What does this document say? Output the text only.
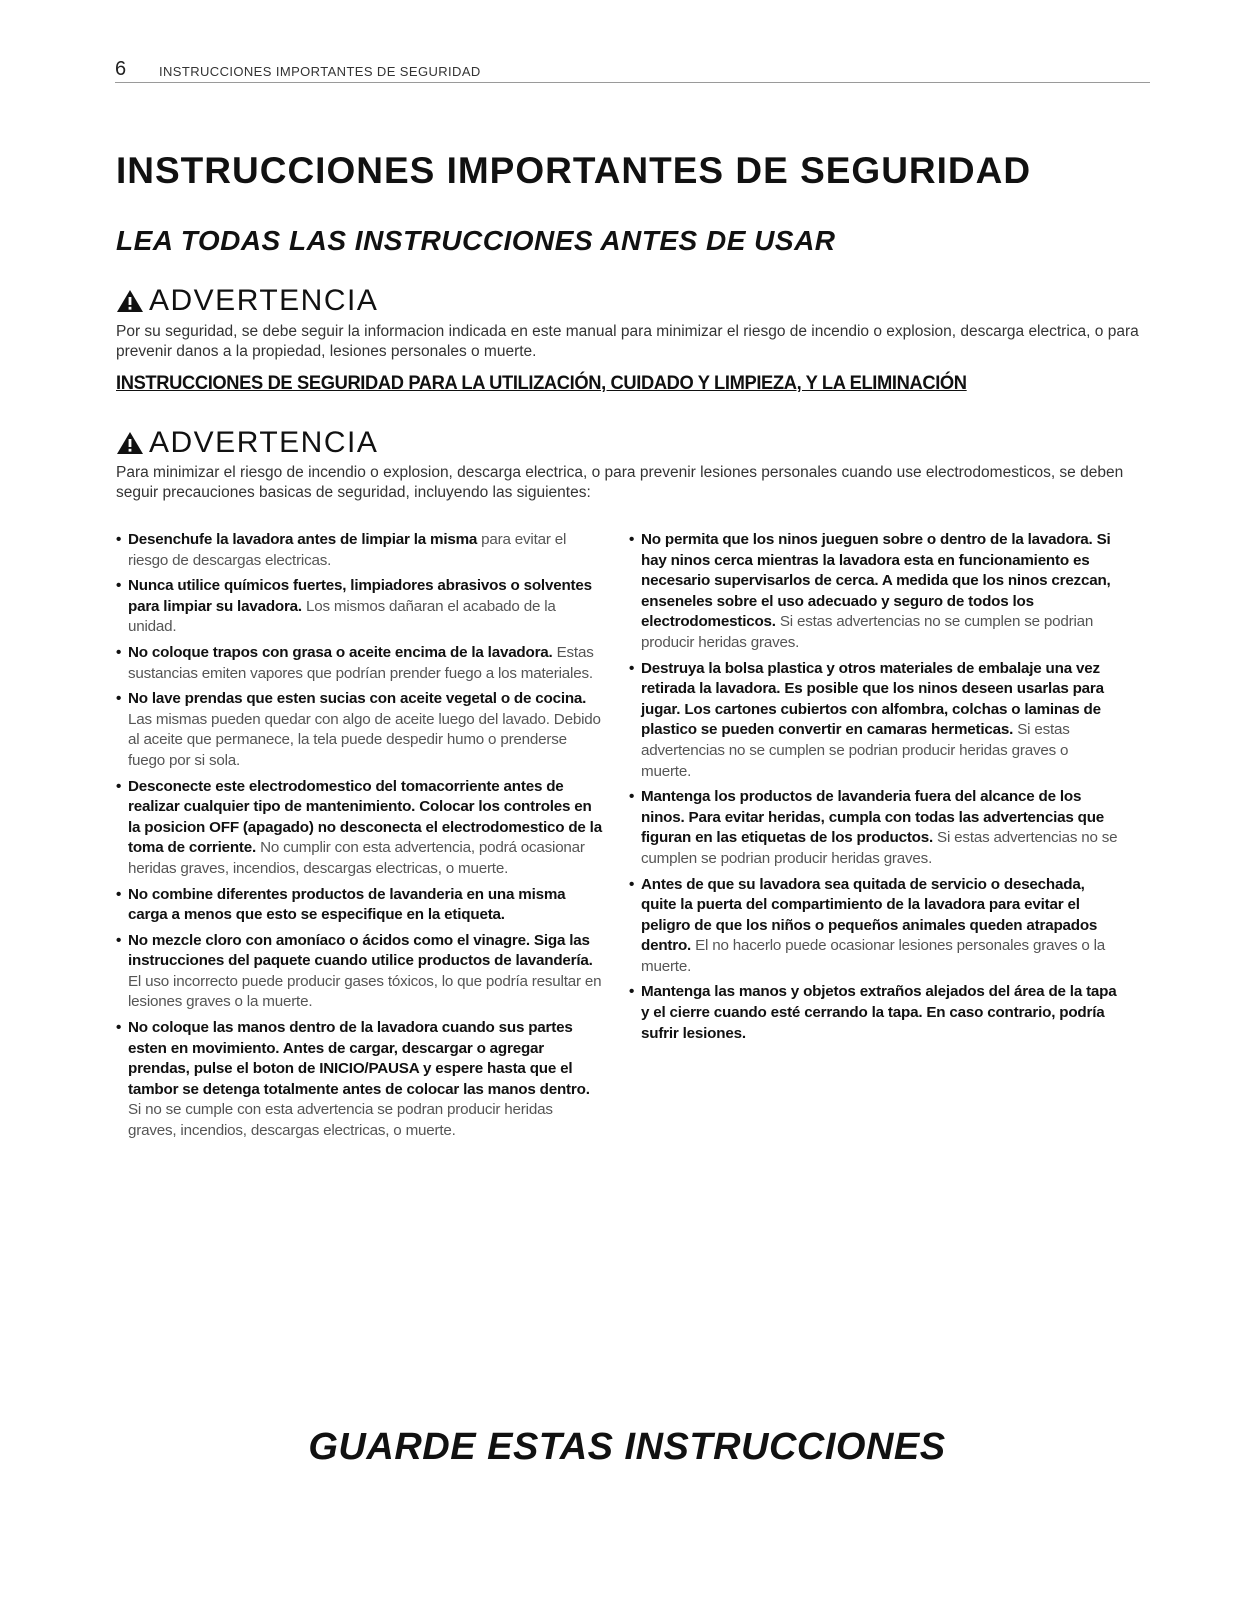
6	INSTRUCCIONES IMPORTANTES DE SEGURIDAD
INSTRUCCIONES IMPORTANTES DE SEGURIDAD
LEA TODAS LAS INSTRUCCIONES ANTES DE USAR
ADVERTENCIA

Por su seguridad, se debe seguir la informacion indicada en este manual para minimizar el riesgo de incendio o explosion, descarga electrica, o para prevenir danos a la propiedad, lesiones personales o muerte.

INSTRUCCIONES DE SEGURIDAD PARA LA UTILIZACIÓN, CUIDADO Y LIMPIEZA, Y LA ELIMINACIÓN
ADVERTENCIA

Para minimizar el riesgo de incendio o explosion, descarga electrica, o para prevenir lesiones personales cuando use electrodomesticos, se deben seguir precauciones basicas de seguridad, incluyendo las siguientes:

• Desenchufe la lavadora antes de limpiar la misma para evitar el riesgo de descargas electricas.
• Nunca utilice químicos fuertes, limpiadores abrasivos o solventes para limpiar su lavadora. Los mismos dañaran el acabado de la unidad.
• No coloque trapos con grasa o aceite encima de la lavadora. Estas sustancias emiten vapores que podrían prender fuego a los materiales.
• No lave prendas que esten sucias con aceite vegetal o de cocina. Las mismas pueden quedar con algo de aceite luego del lavado. Debido al aceite que permanece, la tela puede despedir humo o prenderse fuego por si sola.
• Desconecte este electrodomestico del tomacorriente antes de realizar cualquier tipo de mantenimiento. Colocar los controles en la posicion OFF (apagado) no desconecta el electrodomestico de la toma de corriente. No cumplir con esta advertencia, podrá ocasionar heridas graves, incendios, descargas electricas, o muerte.
• No combine diferentes productos de lavanderia en una misma carga a menos que esto se especifique en la etiqueta.
• No mezcle cloro con amoníaco o ácidos como el vinagre. Siga las instrucciones del paquete cuando utilice productos de lavandería. El uso incorrecto puede producir gases tóxicos, lo que podría resultar en lesiones graves o la muerte.
• No coloque las manos dentro de la lavadora cuando sus partes esten en movimiento. Antes de cargar, descargar o agregar prendas, pulse el boton de INICIO/PAUSA y espere hasta que el tambor se detenga totalmente antes de colocar las manos dentro. Si no se cumple con esta advertencia se podran producir heridas graves, incendios, descargas electricas, o muerte.
• No permita que los ninos jueguen sobre o dentro de la lavadora. Si hay ninos cerca mientras la lavadora esta en funcionamiento es necesario supervisarlos de cerca. A medida que los ninos crezcan, enseneles sobre el uso adecuado y seguro de todos los electrodomesticos. Si estas advertencias no se cumplen se podrian producir heridas graves.
• Destruya la bolsa plastica y otros materiales de embalaje una vez retirada la lavadora. Es posible que los ninos deseen usarlas para jugar. Los cartones cubiertos con alfombra, colchas o laminas de plastico se pueden convertir en camaras hermeticas. Si estas advertencias no se cumplen se podrian producir heridas graves o muerte.
• Mantenga los productos de lavanderia fuera del alcance de los ninos. Para evitar heridas, cumpla con todas las advertencias que figuran en las etiquetas de los productos. Si estas advertencias no se cumplen se podrian producir heridas graves.
• Antes de que su lavadora sea quitada de servicio o desechada, quite la puerta del compartimiento de la lavadora para evitar el peligro de que los niños o pequeños animales queden atrapados dentro. El no hacerlo puede ocasionar lesiones personales graves o la muerte.
• Mantenga las manos y objetos extraños alejados del área de la tapa y el cierre cuando esté cerrando la tapa. En caso contrario, podría sufrir lesiones.
GUARDE ESTAS INSTRUCCIONES
